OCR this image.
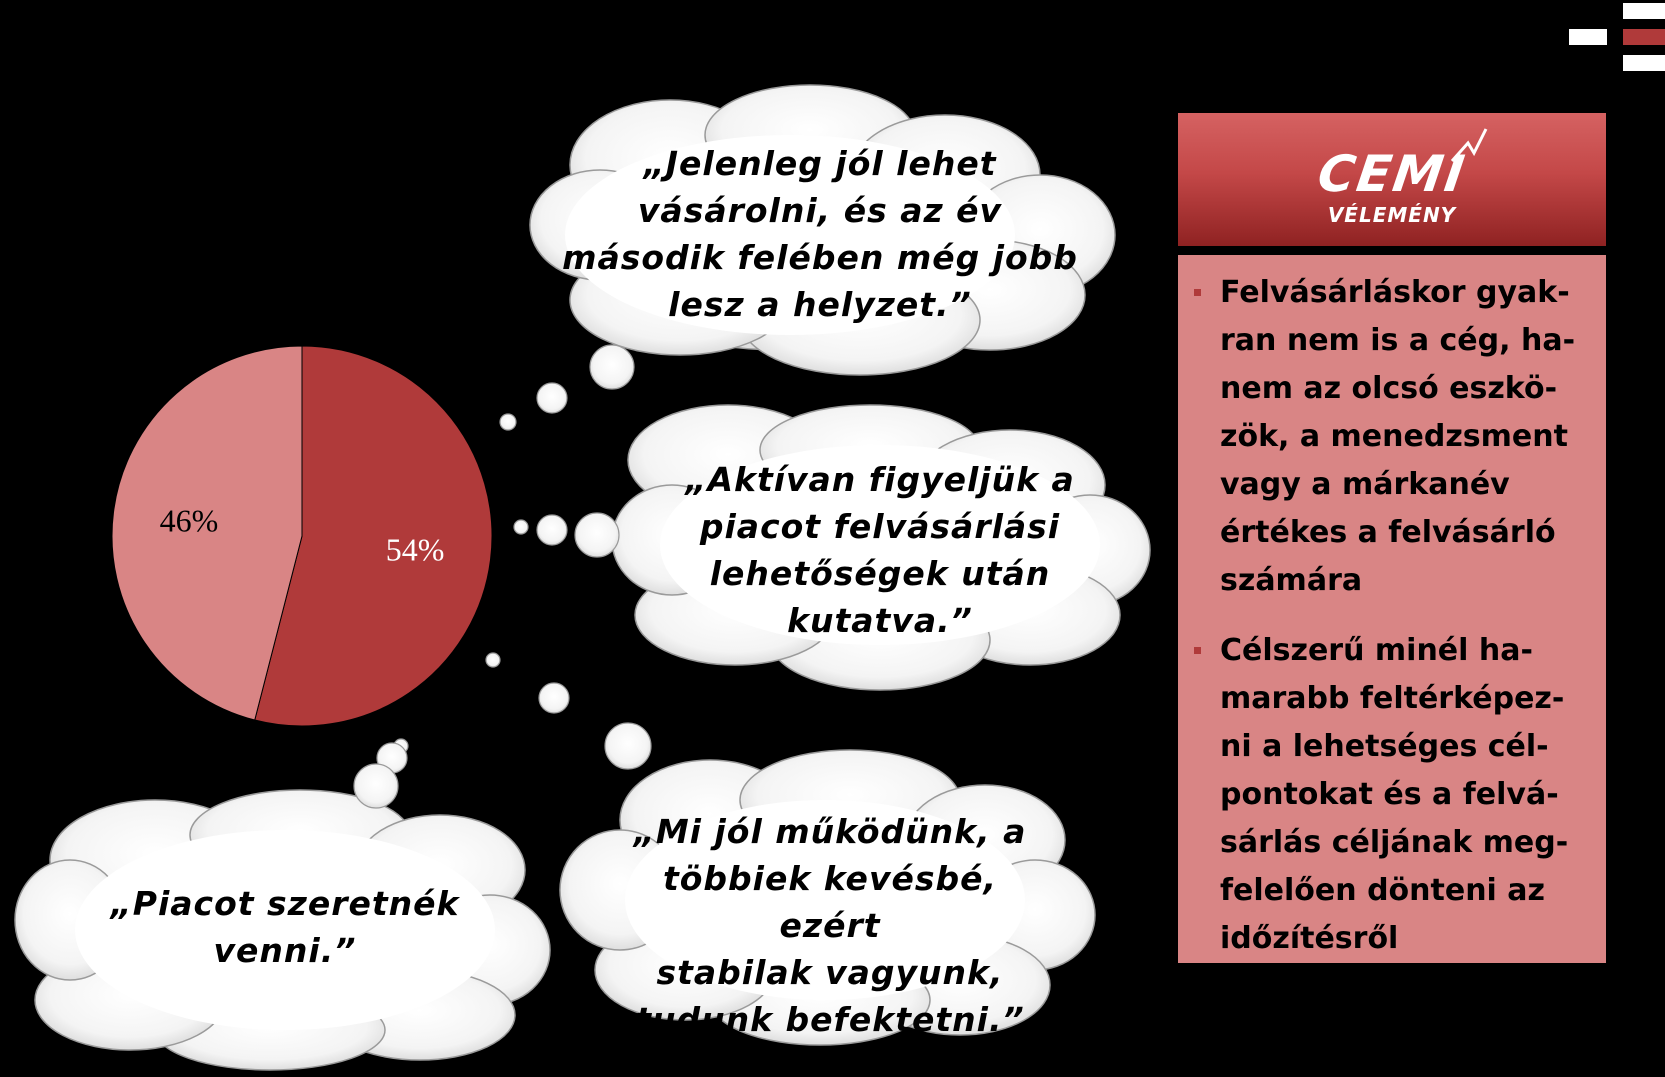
54%
46%
„Jelenleg jól lehet
vásárolni, és az év
második felében még jobb
lesz a helyzet.”
„Aktívan figyeljük a
piacot felvásárlási
lehetőségek után
kutatva.”
„Mi jól működünk, a
többiek kevésbé, ezért
stabilak vagyunk,
tudunk befektetni.”
„Piacot szeretnék
venni.”
CEMI
VÉLEMÉNY
Felvásárláskor gyak-
ran nem is a cég, ha-
nem az olcsó eszkö-
zök, a menedzsment
vagy a márkanév
értékes a felvásárló
számára
Célszerű minél ha-
marabb feltérképez-
ni a lehetséges cél-
pontokat és a felvá-
sárlás céljának meg-
felelően dönteni az
időzítésről
